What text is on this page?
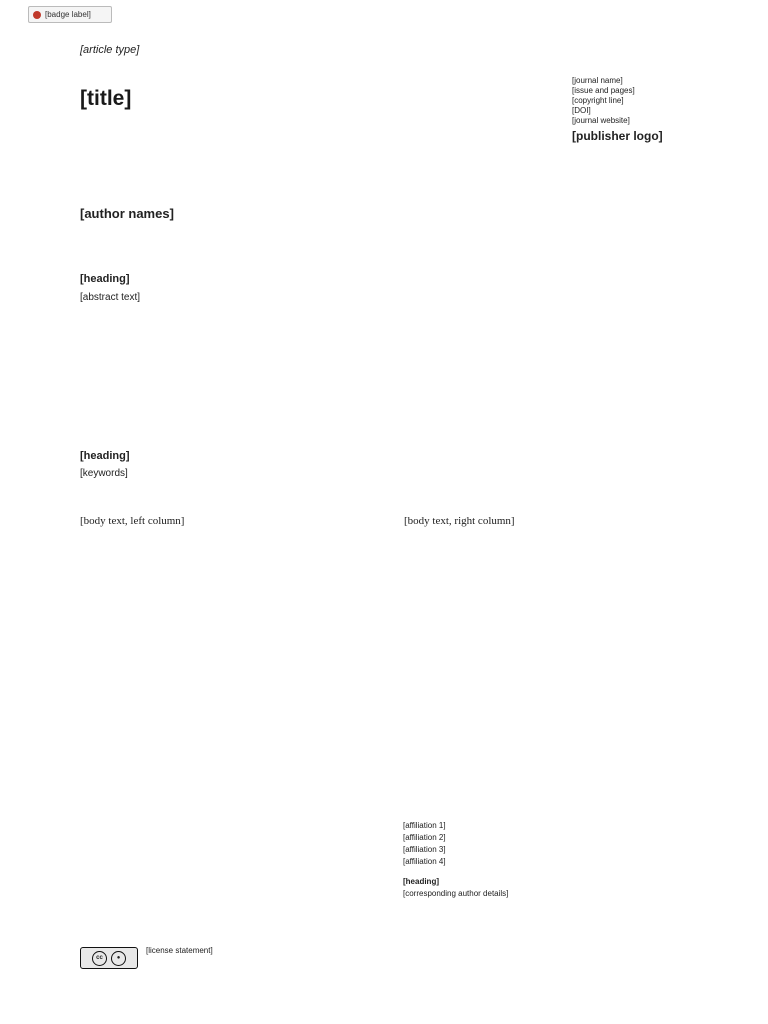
[badge label]
[article type]
[title]
[journal name]
[issue and pages]
[copyright line]
[DOI]
[journal website]
[publisher logo]
[author names]
[heading]
[abstract text]
[heading]
[keywords]
[body text, left column]	[body text, right column]
[affiliation 1]
[affiliation 2]
[affiliation 3]
[affiliation 4]
[heading]
[corresponding author details]
cc	●
[license statement]
